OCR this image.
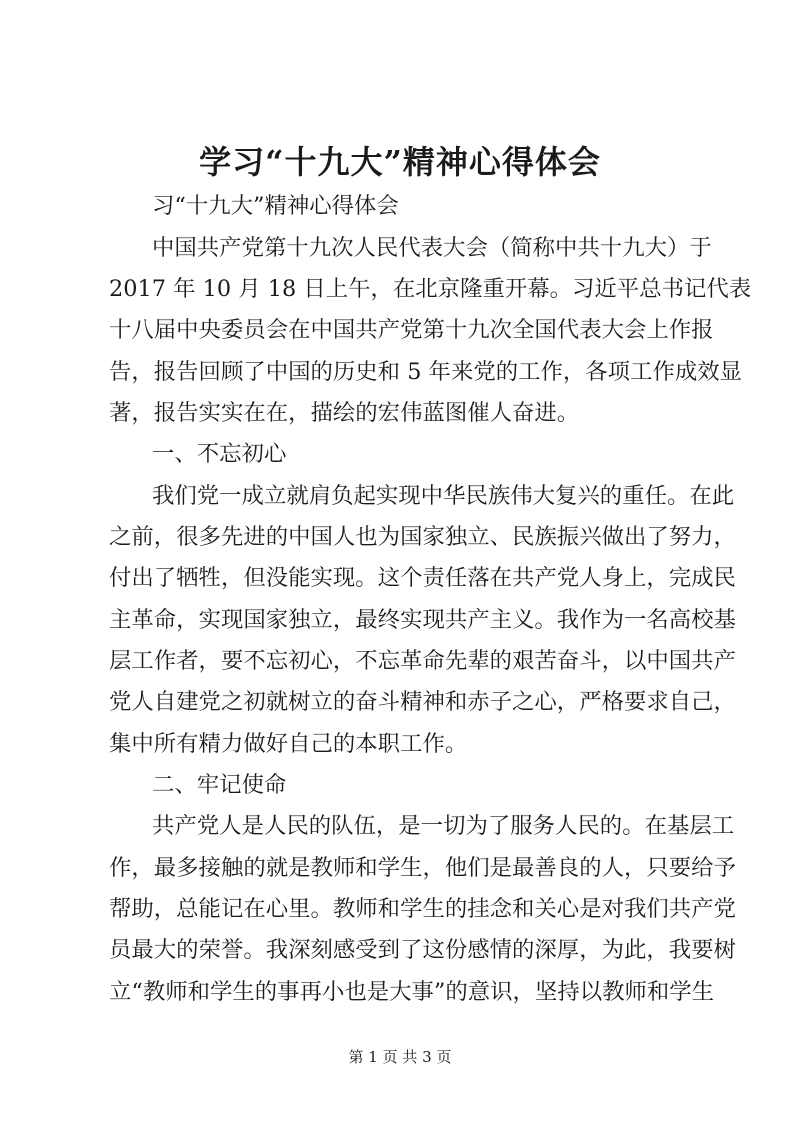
学习“十九大”精神心得体会

习“十九大”精神心得体会

中国共产党第十九次人民代表大会（简称中共十九大）于

2017 年 10 月 18 日上午，在北京隆重开幕。习近平总书记代表

十八届中央委员会在中国共产党第十九次全国代表大会上作报

告，报告回顾了中国的历史和 5 年来党的工作，各项工作成效显

著，报告实实在在，描绘的宏伟蓝图催人奋进。

一、不忘初心

我们党一成立就肩负起实现中华民族伟大复兴的重任。在此

之前，很多先进的中国人也为国家独立、民族振兴做出了努力，

付出了牺牲，但没能实现。这个责任落在共产党人身上，完成民

主革命，实现国家独立，最终实现共产主义。我作为一名高校基

层工作者，要不忘初心，不忘革命先辈的艰苦奋斗，以中国共产

党人自建党之初就树立的奋斗精神和赤子之心，严格要求自己，

集中所有精力做好自己的本职工作。

二、牢记使命

共产党人是人民的队伍，是一切为了服务人民的。在基层工

作，最多接触的就是教师和学生，他们是最善良的人，只要给予

帮助，总能记在心里。教师和学生的挂念和关心是对我们共产党

员最大的荣誉。我深刻感受到了这份感情的深厚，为此，我要树

立“教师和学生的事再小也是大事”的意识，坚持以教师和学生

第 1 页 共 3 页
